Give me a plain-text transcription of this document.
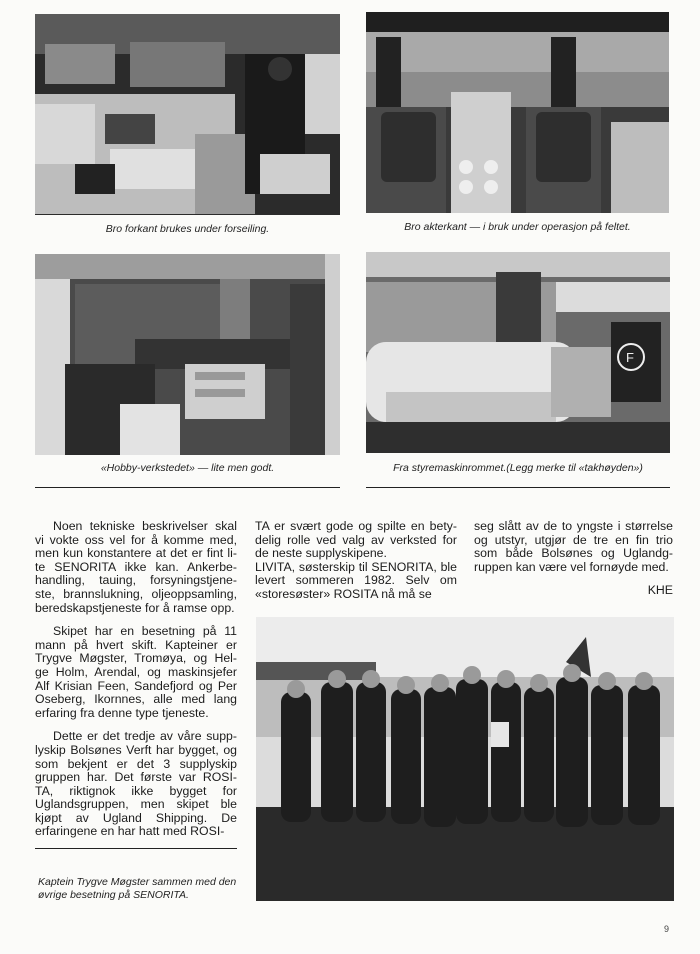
Bro forkant brukes under forseiling.	Bro akterkant — i bruk under operasjon på feltet.
«Hobby-verkstedet» — lite men godt.
F
Fra styremaskinrommet.(Legg merke til «takhøyden»)

Noen tekniske beskrivelser skal vi vokte oss vel for å komme med, men kun konstantere at det er fint li- te SENORITA ikke kan. Ankerbe- handling, tauing, forsyningstjene- ste, brannslukning, oljeoppsamling, beredskapstjeneste for å ramse opp.

Skipet har en besetning på 11 mann på hvert skift. Kapteiner er Trygve Møgster, Tromøya, og Hel- ge Holm, Arendal, og maskinsjefer Alf Krisian Feen, Sandefjord og Per Oseberg, Ikornnes, alle med lang erfaring fra denne type tjeneste.

Dette er det tredje av våre supp- lyskip Bolsønes Verft har bygget, og som bekjent er det 3 supplyskip gruppen har. Det første var ROSI- TA, riktignok ikke bygget for Uglandsgruppen, men skipet ble kjøpt av Ugland Shipping. De erfaringene en har hatt med ROSI-

TA er svært gode og spilte en bety- delig rolle ved valg av verksted for de neste supplyskipene.

LIVITA, søsterskip til SENORITA, ble levert sommeren 1982. Selv om «storesøster» ROSITA nå må se

seg slått av de to yngste i størrelse og utstyr, utgjør de tre en fin trio som både Bolsønes og Uglandg- ruppen kan være vel fornøyde med.

KHE
Kaptein Trygve Møgster sammen med den øvrige besetning på SENORITA.
9
